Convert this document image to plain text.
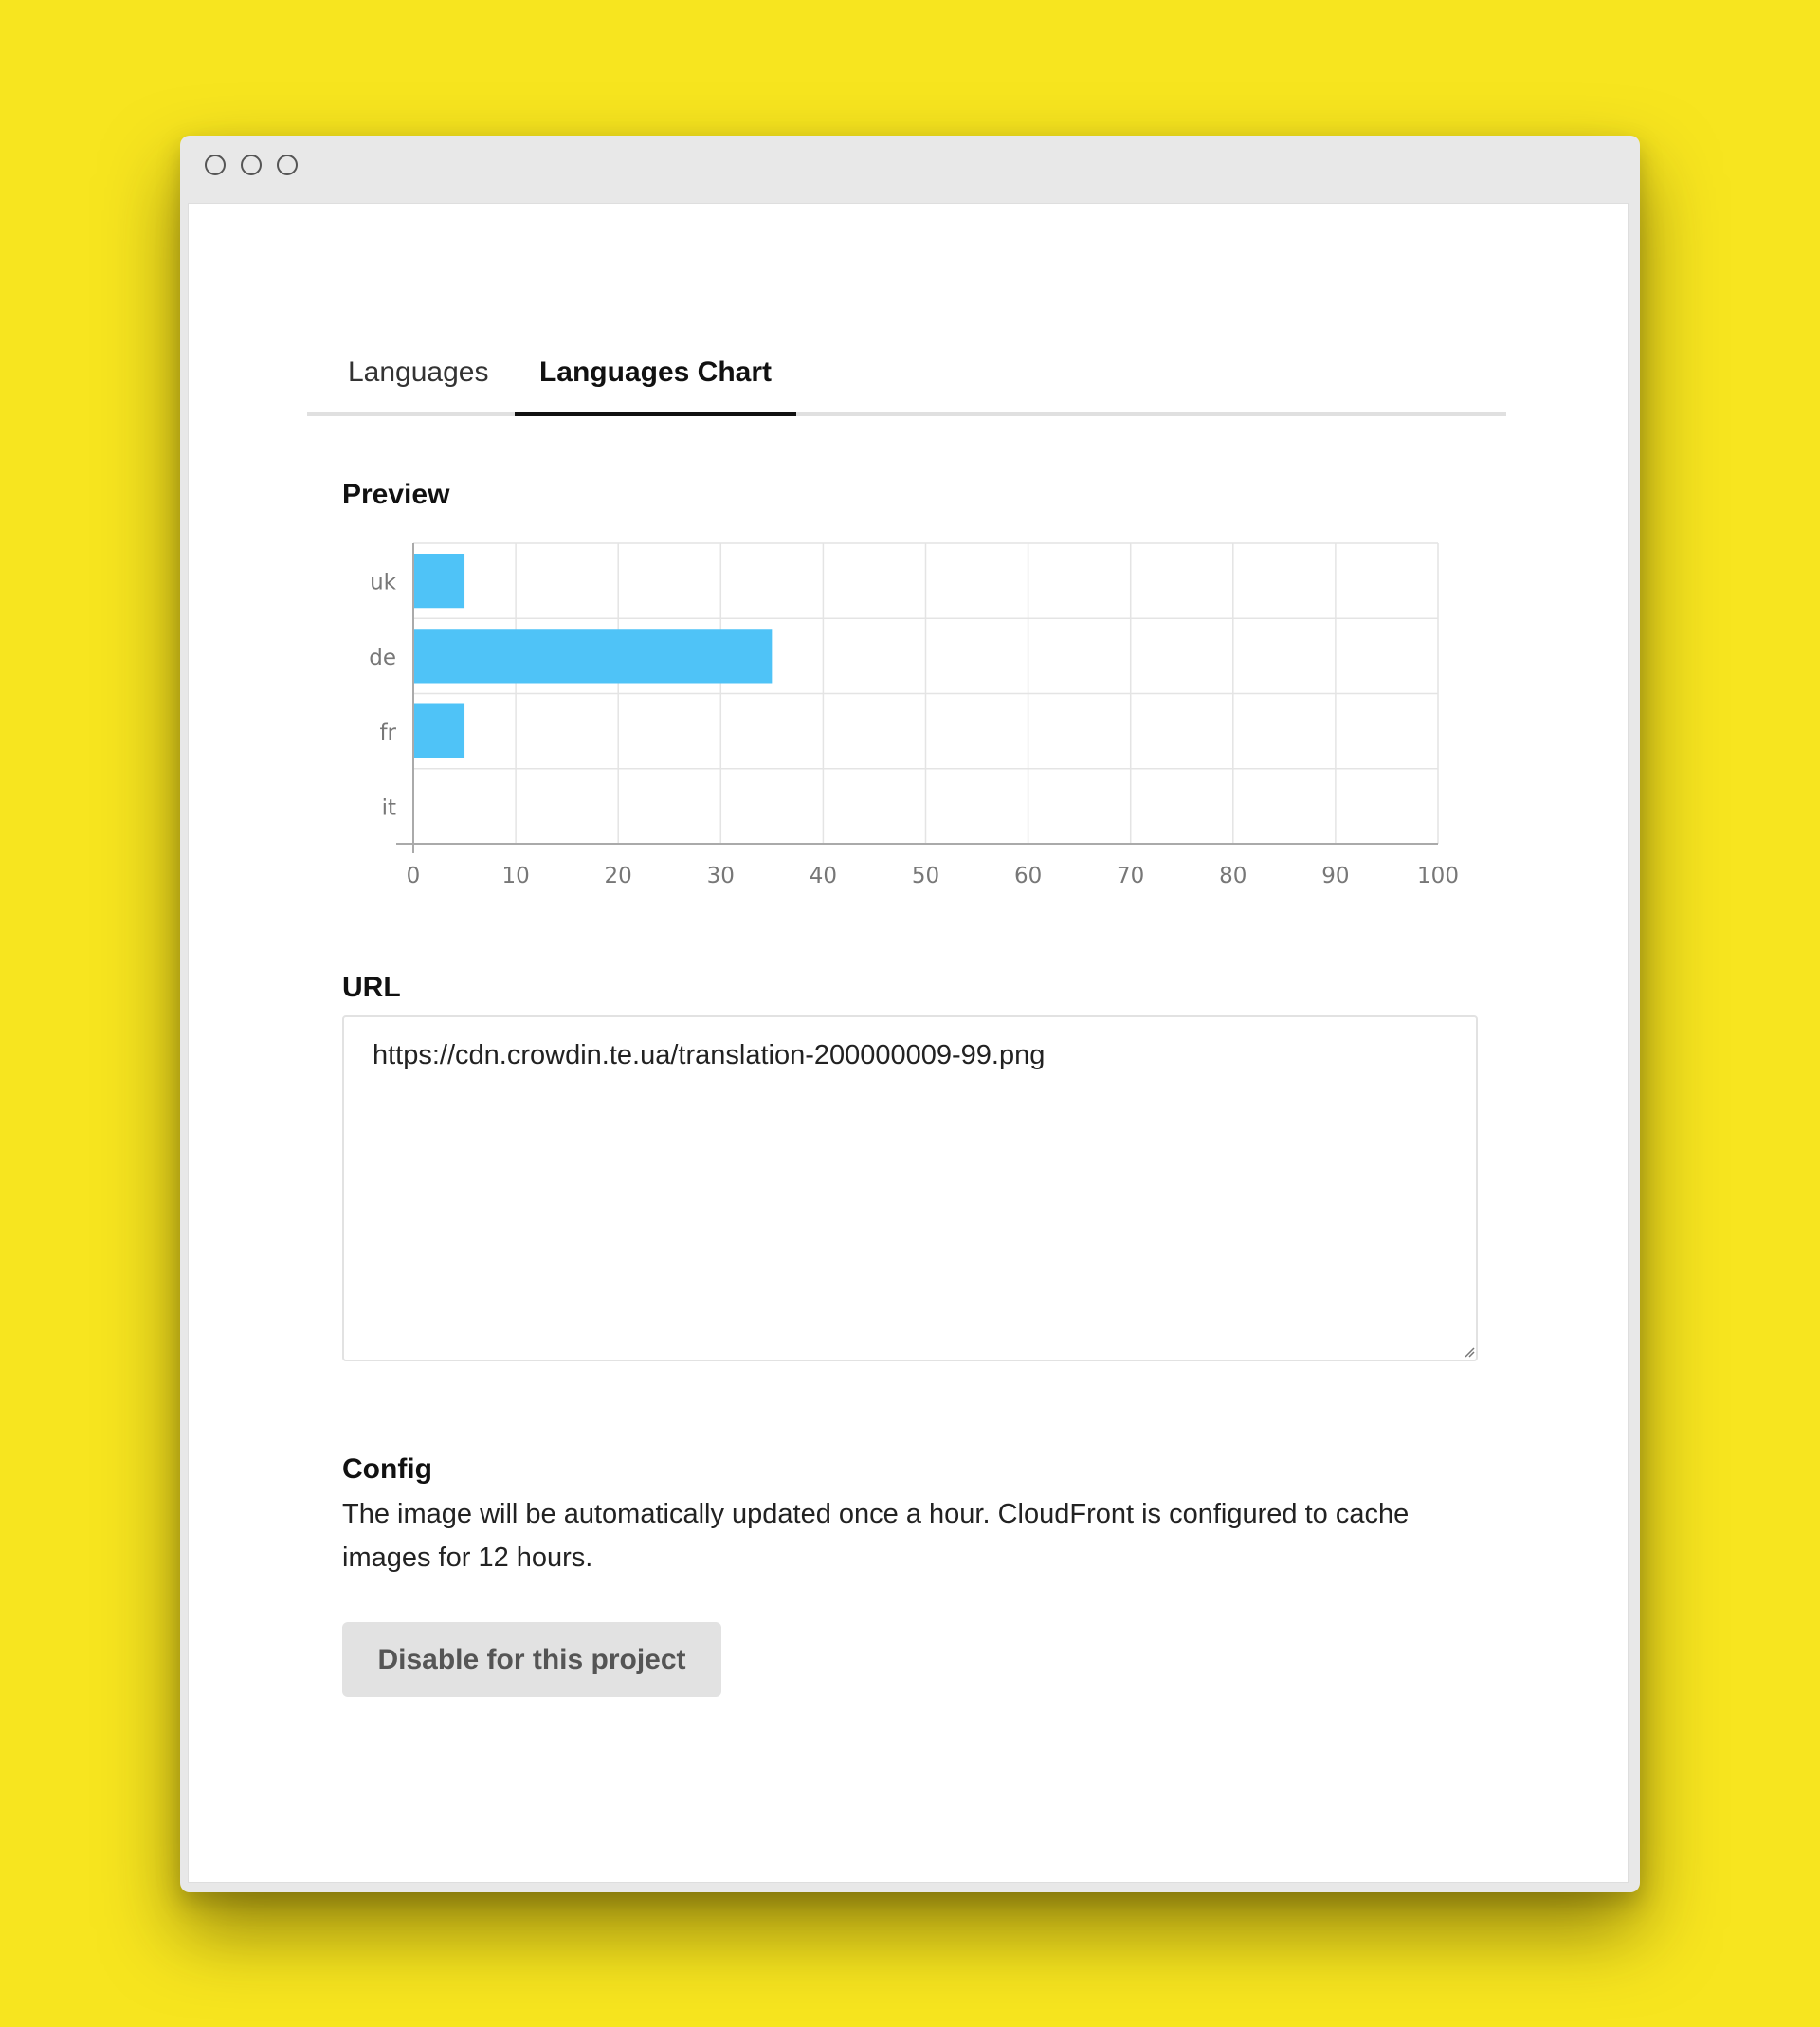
Languages	Languages Chart
Preview
uk
de
fr
it
0	10	20	30	40	50	60	70	80	90	100
URL
https://cdn.crowdin.te.ua/translation-200000009-99.png
Config
The image will be automatically updated once a hour. CloudFront is configured to cache images for 12 hours.
Disable for this project
